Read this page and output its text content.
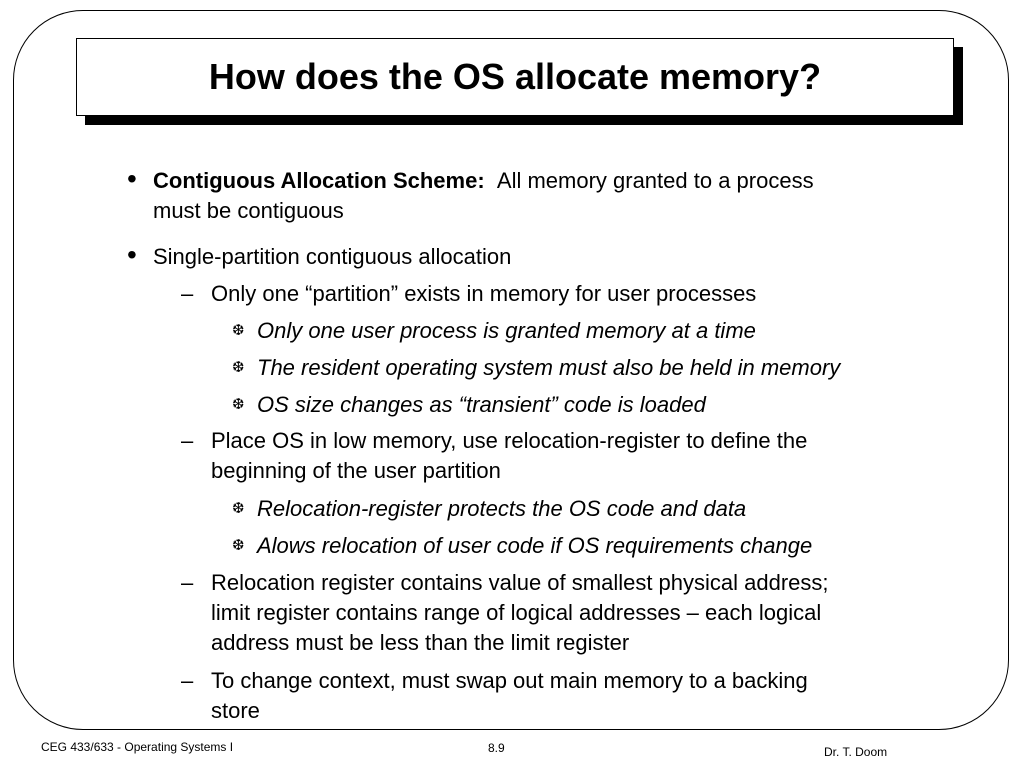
How does the OS allocate memory?
• Contiguous Allocation Scheme: All memory granted to a process
must be contiguous
• Single-partition contiguous allocation
– Only one “partition” exists in memory for user processes
❆ Only one user process is granted memory at a time
❆ The resident operating system must also be held in memory
❆ OS size changes as “transient” code is loaded
– Place OS in low memory, use relocation-register to define the
beginning of the user partition
❆ Relocation-register protects the OS code and data
❆ Alows relocation of user code if OS requirements change
– Relocation register contains value of smallest physical address;
limit register contains range of logical addresses – each logical
address must be less than the limit register
– To change context, must swap out main memory to a backing
store
CEG 433/633 - Operating Systems I	8.9	Dr. T. Doom
